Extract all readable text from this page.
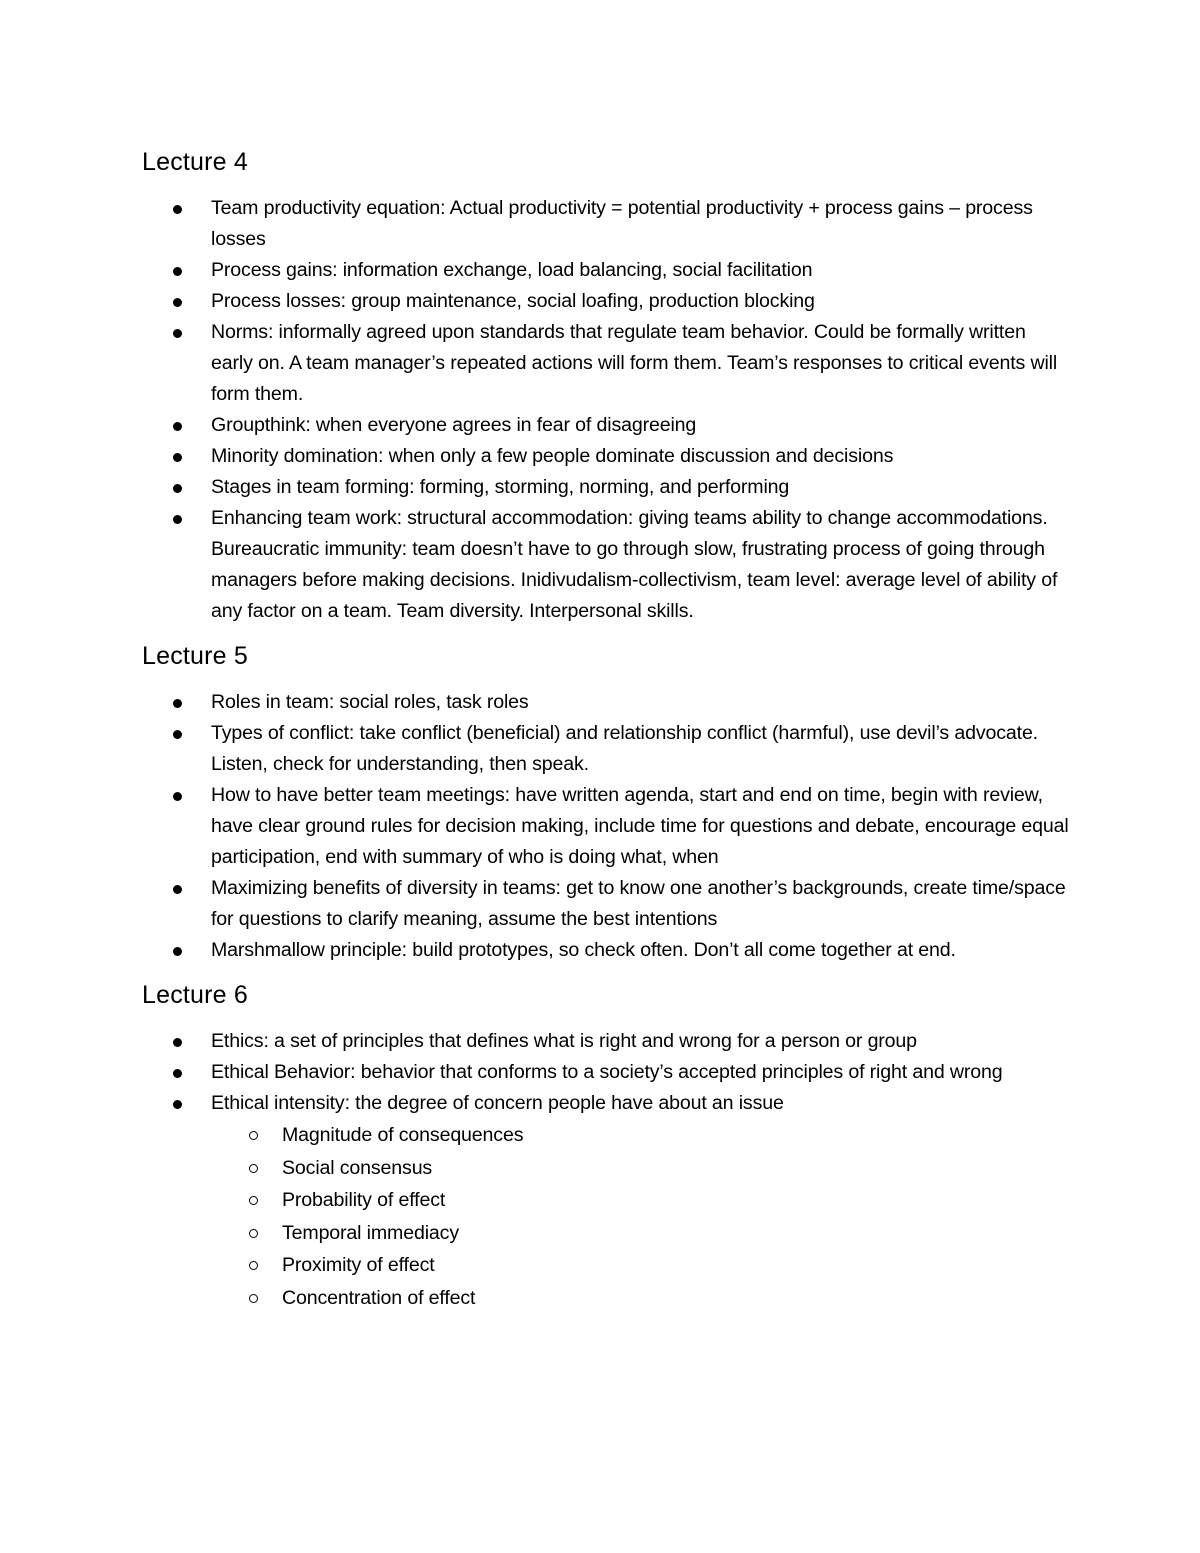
Lecture 4
Team productivity equation: Actual productivity = potential productivity + process gains – process losses
Process gains: information exchange, load balancing, social facilitation
Process losses: group maintenance, social loafing, production blocking
Norms: informally agreed upon standards that regulate team behavior. Could be formally written early on. A team manager’s repeated actions will form them. Team’s responses to critical events will form them.
Groupthink: when everyone agrees in fear of disagreeing
Minority domination: when only a few people dominate discussion and decisions
Stages in team forming: forming, storming, norming, and performing
Enhancing team work: structural accommodation: giving teams ability to change accommodations. Bureaucratic immunity: team doesn’t have to go through slow, frustrating process of going through managers before making decisions. Inidivudalism-collectivism, team level: average level of ability of any factor on a team. Team diversity. Interpersonal skills.
Lecture 5
Roles in team: social roles, task roles
Types of conflict: take conflict (beneficial) and relationship conflict (harmful), use devil’s advocate. Listen, check for understanding, then speak.
How to have better team meetings: have written agenda, start and end on time, begin with review, have clear ground rules for decision making, include time for questions and debate, encourage equal participation, end with summary of who is doing what, when
Maximizing benefits of diversity in teams: get to know one another’s backgrounds, create time/space for questions to clarify meaning, assume the best intentions
Marshmallow principle: build prototypes, so check often. Don’t all come together at end.
Lecture 6
Ethics: a set of principles that defines what is right and wrong for a person or group
Ethical Behavior: behavior that conforms to a society’s accepted principles of right and wrong
Ethical intensity: the degree of concern people have about an issue
Magnitude of consequences
Social consensus
Probability of effect
Temporal immediacy
Proximity of effect
Concentration of effect
